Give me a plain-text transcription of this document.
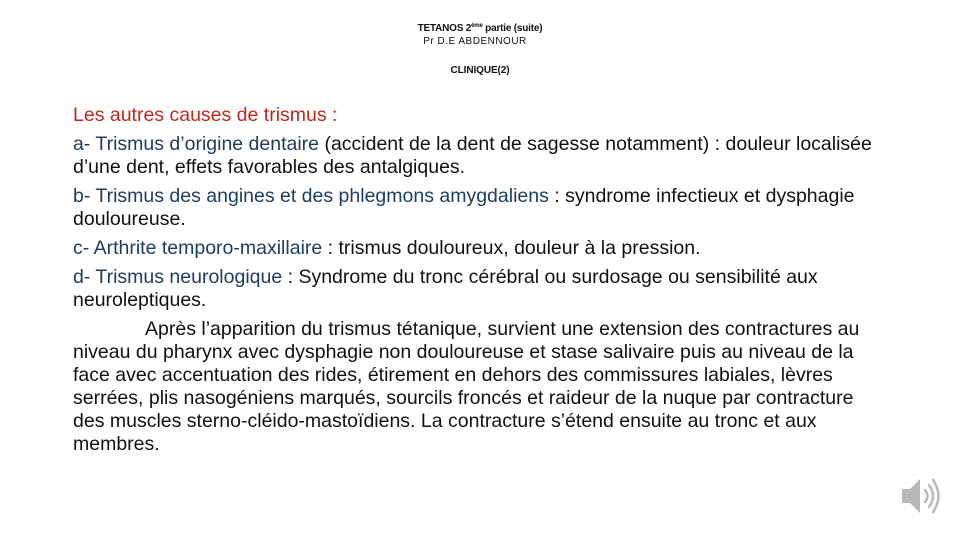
TETANOS 2ème partie (suite)
Pr D.E ABDENNOUR
CLINIQUE(2)

Les autres causes de trismus :

a- Trismus d’origine dentaire (accident de la dent de sagesse notamment) : douleur localisée d’une dent, effets favorables des antalgiques.

b- Trismus des angines et des phlegmons amygdaliens : syndrome infectieux et dysphagie douloureuse.

c- Arthrite temporo-maxillaire : trismus douloureux, douleur à la pression.

d- Trismus neurologique : Syndrome du tronc cérébral ou surdosage ou sensibilité aux neuroleptiques.

Après l’apparition du trismus tétanique, survient une extension des contractures au niveau du pharynx avec dysphagie non douloureuse et stase salivaire puis au niveau de la face avec accentuation des rides, étirement en dehors des commissures labiales, lèvres serrées, plis nasogéniens marqués, sourcils froncés et raideur de la nuque par contracture des muscles sterno-cléido-mastoïdiens. La contracture s’étend ensuite au tronc et aux membres.
